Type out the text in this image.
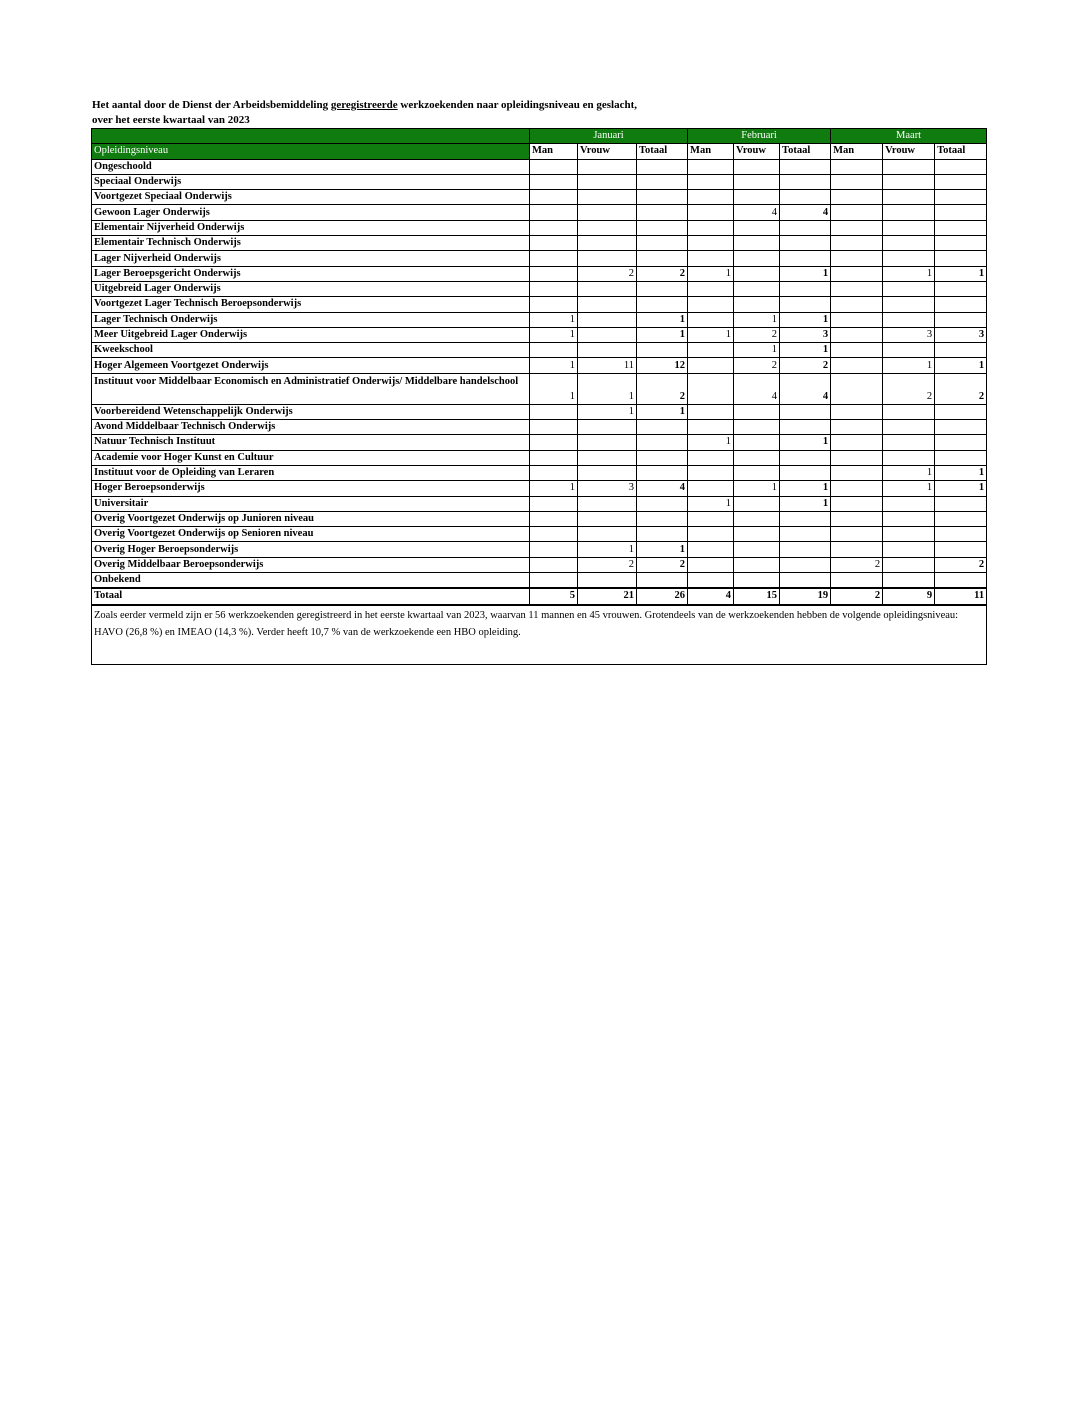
Het aantal door de Dienst der Arbeidsbemiddeling geregistreerde werkzoekenden naar opleidingsniveau en geslacht,
over het eerste kwartaal van 2023
	Januari			Februari			Maart		
Opleidingsniveau	Man	Vrouw	Totaal	Man	Vrouw	Totaal	Man	Vrouw	Totaal
Ongeschoold									
Speciaal Onderwijs									
Voortgezet Speciaal Onderwijs									
Gewoon Lager Onderwijs					4	4			
Elementair Nijverheid Onderwijs									
Elementair Technisch Onderwijs									
Lager Nijverheid Onderwijs									
Lager Beroepsgericht Onderwijs		2	2	1		1		1	1
Uitgebreid Lager Onderwijs									
Voortgezet Lager Technisch Beroepsonderwijs									
Lager Technisch Onderwijs	1		1		1	1			
Meer Uitgebreid Lager Onderwijs	1		1	1	2	3		3	3
Kweekschool					1	1			
Hoger Algemeen Voortgezet Onderwijs	1	11	12		2	2		1	1
Instituut voor Middelbaar Economisch en Administratief Onderwijs/ Middelbare handelschool	1	1	2		4	4		2	2
Voorbereidend Wetenschappelijk Onderwijs		1	1						
Avond Middelbaar Technisch Onderwijs									
Natuur Technisch Instituut				1		1			
Academie voor Hoger Kunst en Cultuur									
Instituut voor de Opleiding van Leraren								1	1
Hoger Beroepsonderwijs	1	3	4		1	1		1	1
Universitair				1		1			
Overig Voortgezet Onderwijs op Junioren niveau									
Overig Voortgezet Onderwijs op Senioren niveau									
Overig Hoger Beroepsonderwijs		1	1						
Overig Middelbaar Beroepsonderwijs		2	2				2		2
Onbekend									
Totaal	5	21	26	4	15	19	2	9	11
Zoals eerder vermeld zijn er 56 werkzoekenden geregistreerd in het eerste kwartaal van 2023, waarvan 11 mannen en 45 vrouwen. Grotendeels van de werkzoekenden hebben de volgende opleidingsniveau: HAVO (26,8 %) en IMEAO (14,3 %). Verder heeft 10,7 % van de werkzoekende een HBO opleiding.									
